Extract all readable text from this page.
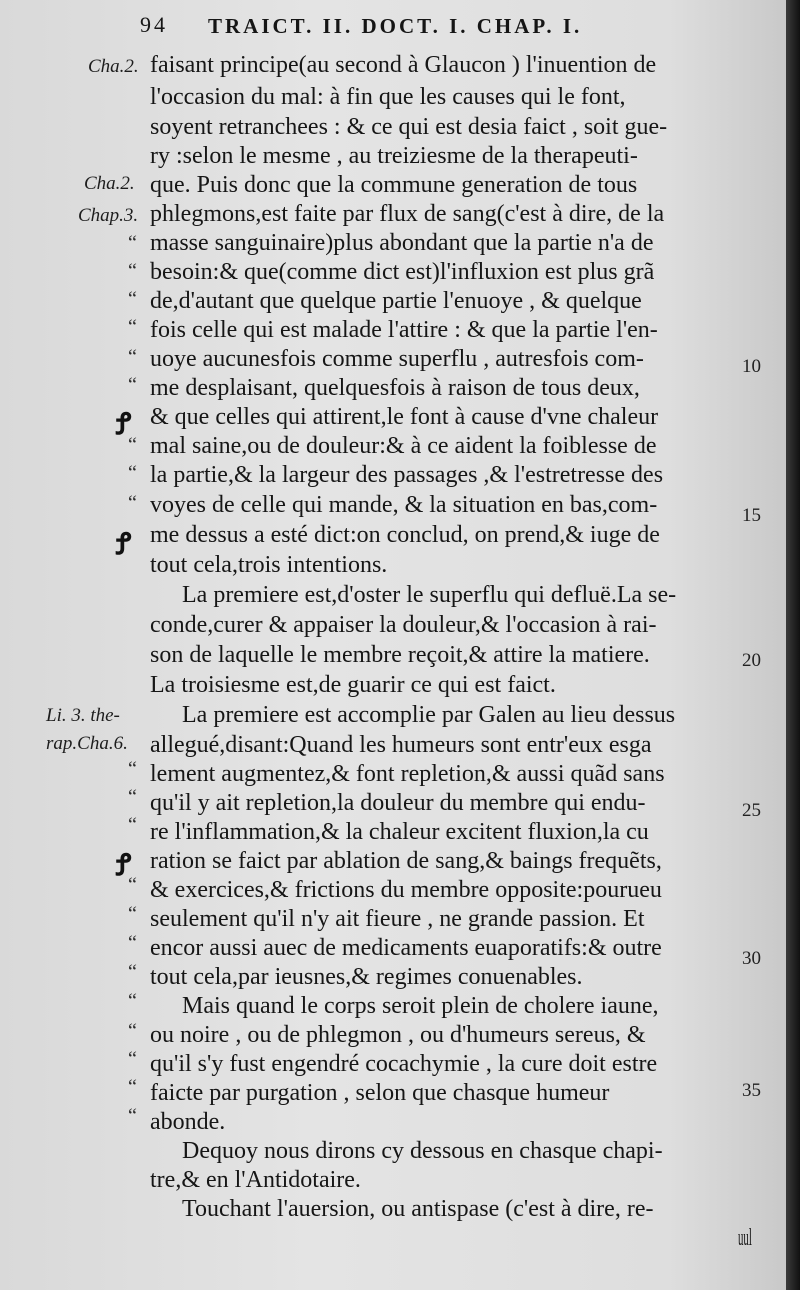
94 TRAICT. II. DOCT. I. CHAP. I.
Cha.2.
Cha.2.
Chap.3.
Li. 3. the-
rap.Cha.6.
10
15
20
25
30
35
Ꝭ
Ꝭ
Ꝭ
“
“
“
“
“
“
“
“
“
“
“
“
“
“
“
“
“
“
“
“
“
faisant principe(au second à Glaucon ) l'inuention de
l'occasion du mal: à fin que les causes qui le font,
soyent retranchees : & ce qui est desia faict , soit gue-
ry :selon le mesme , au treiziesme de la therapeuti-
que. Puis donc que la commune generation de tous
phlegmons,est faite par flux de sang(c'est à dire, de la
masse sanguinaire)plus abondant que la partie n'a de
besoin:& que(comme dict est)l'influxion est plus grã
de,d'autant que quelque partie l'enuoye , & quelque
fois celle qui est malade l'attire : & que la partie l'en-
uoye aucunesfois comme superflu , autresfois com-
me desplaisant, quelquesfois à raison de tous deux,
& que celles qui attirent,le font à cause d'vne chaleur
mal saine,ou de douleur:& à ce aident la foiblesse de
la partie,& la largeur des passages ,& l'estretresse des
voyes de celle qui mande, & la situation en bas,com-
me dessus a esté dict:on conclud, on prend,& iuge de
tout cela,trois intentions.
La premiere est,d'oster le superflu qui defluë.La se-
conde,curer & appaiser la douleur,& l'occasion à rai-
son de laquelle le membre reçoit,& attire la matiere.
La troisiesme est,de guarir ce qui est faict.
La premiere est accomplie par Galen au lieu dessus
allegué,disant:Quand les humeurs sont entr'eux esga
lement augmentez,& font repletion,& aussi quãd sans
qu'il y ait repletion,la douleur du membre qui endu-
re l'inflammation,& la chaleur excitent fluxion,la cu
ration se faict par ablation de sang,& baings frequẽts,
& exercices,& frictions du membre opposite:pourueu
seulement qu'il n'y ait fieure , ne grande passion. Et
encor aussi auec de medicaments euaporatifs:& outre
tout cela,par ieusnes,& regimes conuenables.
Mais quand le corps seroit plein de cholere iaune,
ou noire , ou de phlegmon , ou d'humeurs sereus, &
qu'il s'y fust engendré cocachymie , la cure doit estre
faicte par purgation , selon que chasque humeur
abonde.
Dequoy nous dirons cy dessous en chasque chapi-
tre,& en l'Antidotaire.
Touchant l'auersion, ou antispase (c'est à dire, re-
uul
